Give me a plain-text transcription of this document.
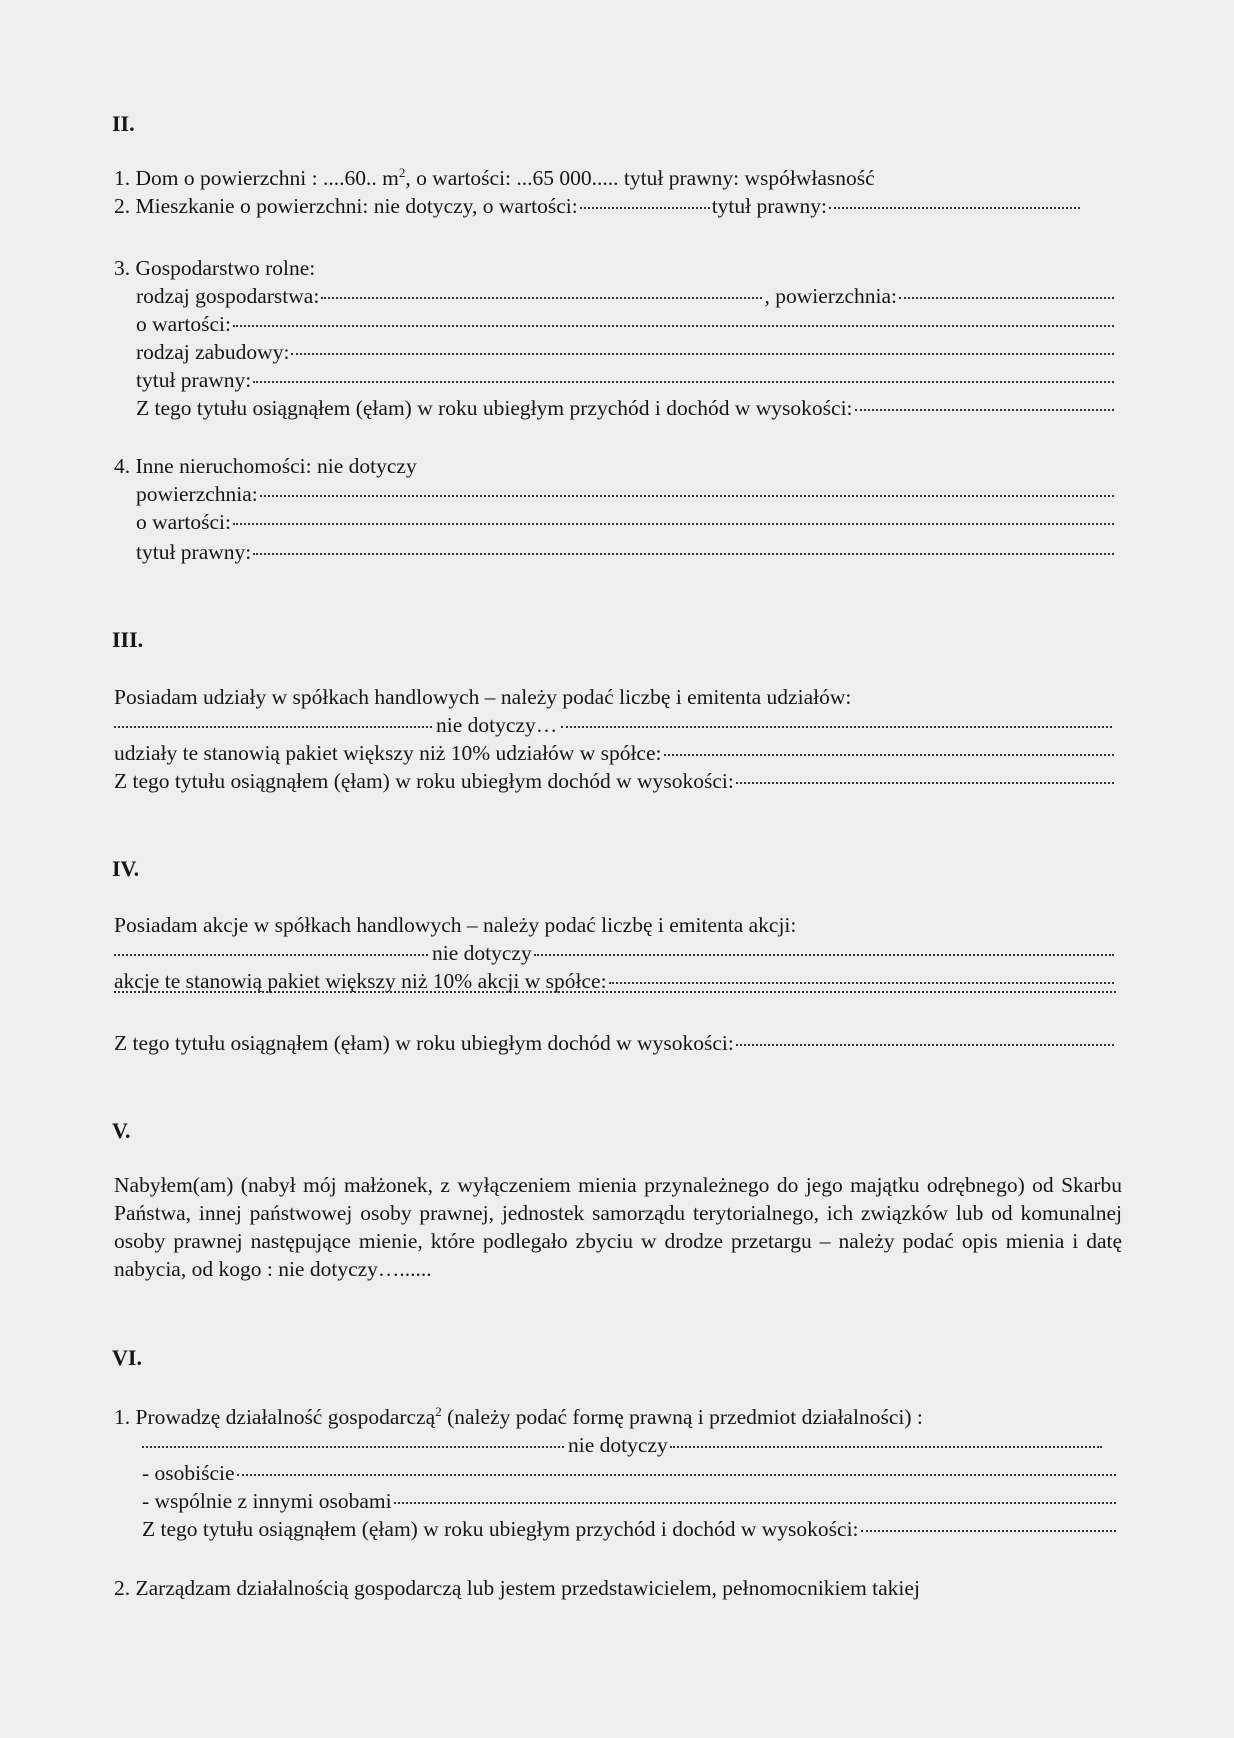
II.
1. Dom o powierzchni : ....60.. $m^2$, o wartości: ...65 000..... tytuł prawny: współwłasność
2. Mieszkanie o powierzchni: nie dotyczy, o wartości:	tytuł prawny:
3. Gospodarstwo rolne:
rodzaj gospodarstwa:	, powierzchnia:
o wartości:
rodzaj zabudowy:
tytuł prawny:
Z tego tytułu osiągnąłem (ęłam) w roku ubiegłym przychód i dochód w wysokości:
4. Inne nieruchomości: nie dotyczy
powierzchnia:
o wartości:
tytuł prawny:
III.
Posiadam udziały w spółkach handlowych – należy podać liczbę i emitenta udziałów:
nie dotyczy…
udziały te stanowią pakiet większy niż 10% udziałów w spółce:
Z tego tytułu osiągnąłem (ęłam) w roku ubiegłym dochód w wysokości:
IV.
Posiadam akcje w spółkach handlowych – należy podać liczbę i emitenta akcji:
nie dotyczy
akcje te stanowią pakiet większy niż 10% akcji w spółce:
Z tego tytułu osiągnąłem (ęłam) w roku ubiegłym dochód w wysokości:
V.
Nabyłem(am) (nabył mój małżonek, z wyłączeniem mienia przynależnego do jego majątku odrębnego) od Skarbu Państwa, innej państwowej osoby prawnej, jednostek samorządu terytorialnego, ich związków lub od komunalnej osoby prawnej następujące mienie, które podlegało zbyciu w drodze przetargu – należy podać opis mienia i datę nabycia, od kogo : nie dotyczy…......
VI.
1. Prowadzę działalność gospodarczą$^2$ (należy podać formę prawną i przedmiot działalności) :
nie dotyczy
- osobiście
- wspólnie z innymi osobami
Z tego tytułu osiągnąłem (ęłam) w roku ubiegłym przychód i dochód w wysokości:
2. Zarządzam działalnością gospodarczą lub jestem przedstawicielem, pełnomocnikiem takiej
